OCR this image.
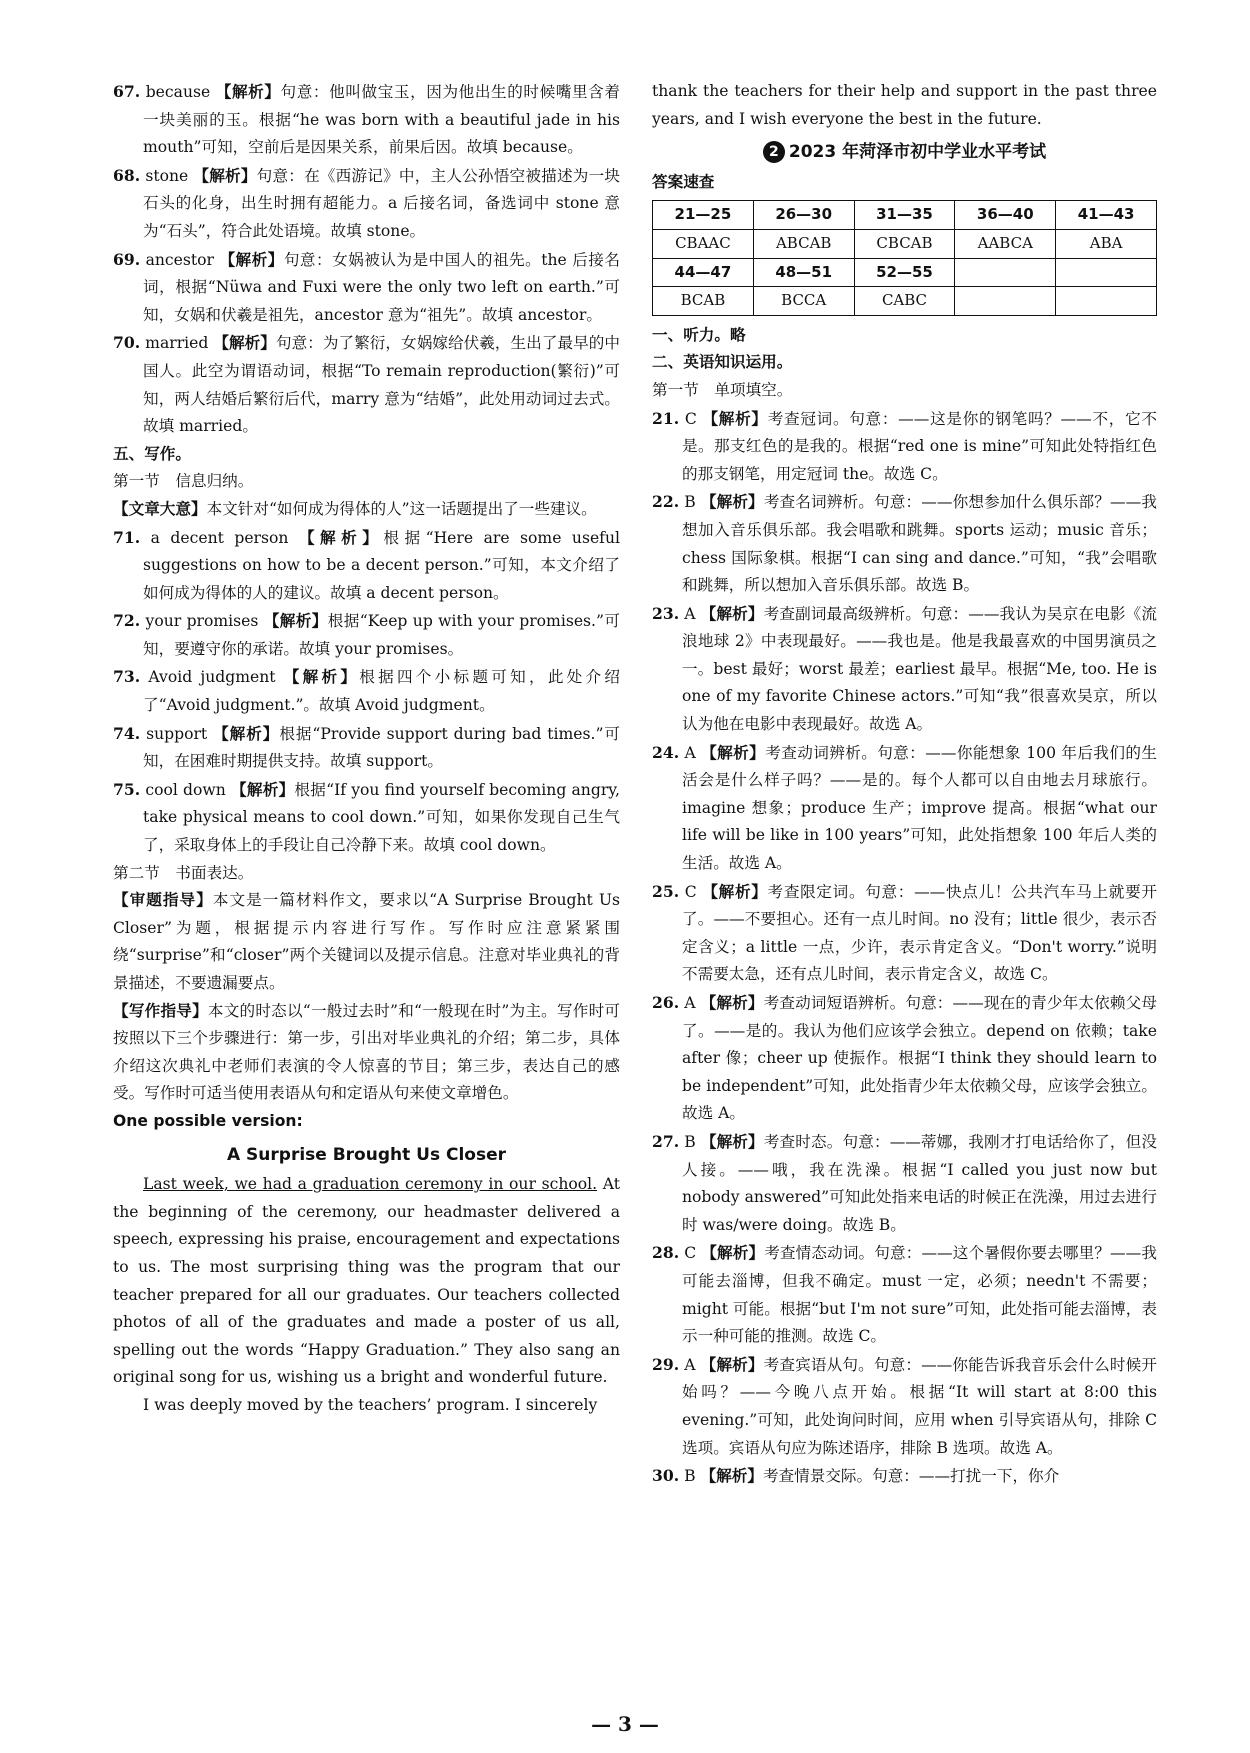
67. because 【解析】句意：他叫做宝玉，因为他出生的时候嘴里含着一块美丽的玉。根据“he was born with a beautiful jade in his mouth”可知，空前后是因果关系，前果后因。故填 because。

68. stone 【解析】句意：在《西游记》中，主人公孙悟空被描述为一块石头的化身，出生时拥有超能力。a 后接名词，备选词中 stone 意为“石头”，符合此处语境。故填 stone。

69. ancestor 【解析】句意：女娲被认为是中国人的祖先。the 后接名词，根据“Nüwa and Fuxi were the only two left on earth.”可知，女娲和伏羲是祖先，ancestor 意为“祖先”。故填 ancestor。

70. married 【解析】句意：为了繁衍，女娲嫁给伏羲，生出了最早的中国人。此空为谓语动词，根据“To remain reproduction(繁衍)”可知，两人结婚后繁衍后代，marry 意为“结婚”，此处用动词过去式。故填 married。

五、写作。

第一节　信息归纳。

【文章大意】本文针对“如何成为得体的人”这一话题提出了一些建议。

71. a decent person 【解析】根据“Here are some useful suggestions on how to be a decent person.”可知，本文介绍了如何成为得体的人的建议。故填 a decent person。

72. your promises 【解析】根据“Keep up with your promises.”可知，要遵守你的承诺。故填 your promises。

73. Avoid judgment 【解析】根据四个小标题可知，此处介绍了“Avoid judgment.”。故填 Avoid judgment。

74. support 【解析】根据“Provide support during bad times.”可知，在困难时期提供支持。故填 support。

75. cool down 【解析】根据“If you find yourself becoming angry, take physical means to cool down.”可知，如果你发现自己生气了，采取身体上的手段让自己冷静下来。故填 cool down。

第二节　书面表达。

【审题指导】本文是一篇材料作文，要求以“A Surprise Brought Us Closer”为题，根据提示内容进行写作。写作时应注意紧紧围绕“surprise”和“closer”两个关键词以及提示信息。注意对毕业典礼的背景描述，不要遗漏要点。

【写作指导】本文的时态以“一般过去时”和“一般现在时”为主。写作时可按照以下三个步骤进行：第一步，引出对毕业典礼的介绍；第二步，具体介绍这次典礼中老师们表演的令人惊喜的节目；第三步，表达自己的感受。写作时可适当使用表语从句和定语从句来使文章增色。

One possible version:

A Surprise Brought Us Closer

Last week, we had a graduation ceremony in our school. At the beginning of the ceremony, our headmaster delivered a speech, expressing his praise, encouragement and expectations to us. The most surprising thing was the program that our teacher prepared for all our graduates. Our teachers collected photos of all of the graduates and made a poster of us all, spelling out the words “Happy Graduation.” They also sang an original song for us, wishing us a bright and wonderful future.

I was deeply moved by the teachers’ program. I sincerely

thank the teachers for their help and support in the past three years, and I wish everyone the best in the future.

2 2023 年菏泽市初中学业水平考试

答案速查

21—25	26—30	31—35	36—40	41—43
CBAAC	ABCAB	CBCAB	AABCA	ABA
44—47	48—51	52—55		
BCAB	BCCA	CABC		

一、听力。略

二、英语知识运用。

第一节　单项填空。

21. C 【解析】考查冠词。句意：——这是你的钢笔吗？——不，它不是。那支红色的是我的。根据“red one is mine”可知此处特指红色的那支钢笔，用定冠词 the。故选 C。

22. B 【解析】考查名词辨析。句意：——你想参加什么俱乐部？——我想加入音乐俱乐部。我会唱歌和跳舞。sports 运动；music 音乐；chess 国际象棋。根据“I can sing and dance.”可知，“我”会唱歌和跳舞，所以想加入音乐俱乐部。故选 B。

23. A 【解析】考查副词最高级辨析。句意：——我认为吴京在电影《流浪地球 2》中表现最好。——我也是。他是我最喜欢的中国男演员之一。best 最好；worst 最差；earliest 最早。根据“Me, too. He is one of my favorite Chinese actors.”可知“我”很喜欢吴京，所以认为他在电影中表现最好。故选 A。

24. A 【解析】考查动词辨析。句意：——你能想象 100 年后我们的生活会是什么样子吗？——是的。每个人都可以自由地去月球旅行。imagine 想象；produce 生产；improve 提高。根据“what our life will be like in 100 years”可知，此处指想象 100 年后人类的生活。故选 A。

25. C 【解析】考查限定词。句意：——快点儿！公共汽车马上就要开了。——不要担心。还有一点儿时间。no 没有；little 很少，表示否定含义；a little 一点，少许，表示肯定含义。“Don't worry.”说明不需要太急，还有点儿时间，表示肯定含义，故选 C。

26. A 【解析】考查动词短语辨析。句意：——现在的青少年太依赖父母了。——是的。我认为他们应该学会独立。depend on 依赖；take after 像；cheer up 使振作。根据“I think they should learn to be independent”可知，此处指青少年太依赖父母，应该学会独立。故选 A。

27. B 【解析】考查时态。句意：——蒂娜，我刚才打电话给你了，但没人接。——哦，我在洗澡。根据“I called you just now but nobody answered”可知此处指来电话的时候正在洗澡，用过去进行时 was/were doing。故选 B。

28. C 【解析】考查情态动词。句意：——这个暑假你要去哪里？——我可能去淄博，但我不确定。must 一定，必须；needn't 不需要；might 可能。根据“but I'm not sure”可知，此处指可能去淄博，表示一种可能的推测。故选 C。

29. A 【解析】考查宾语从句。句意：——你能告诉我音乐会什么时候开始吗？——今晚八点开始。根据“It will start at 8:00 this evening.”可知，此处询问时间，应用 when 引导宾语从句，排除 C 选项。宾语从句应为陈述语序，排除 B 选项。故选 A。

30. B 【解析】考查情景交际。句意：——打扰一下，你介

— 3 —
